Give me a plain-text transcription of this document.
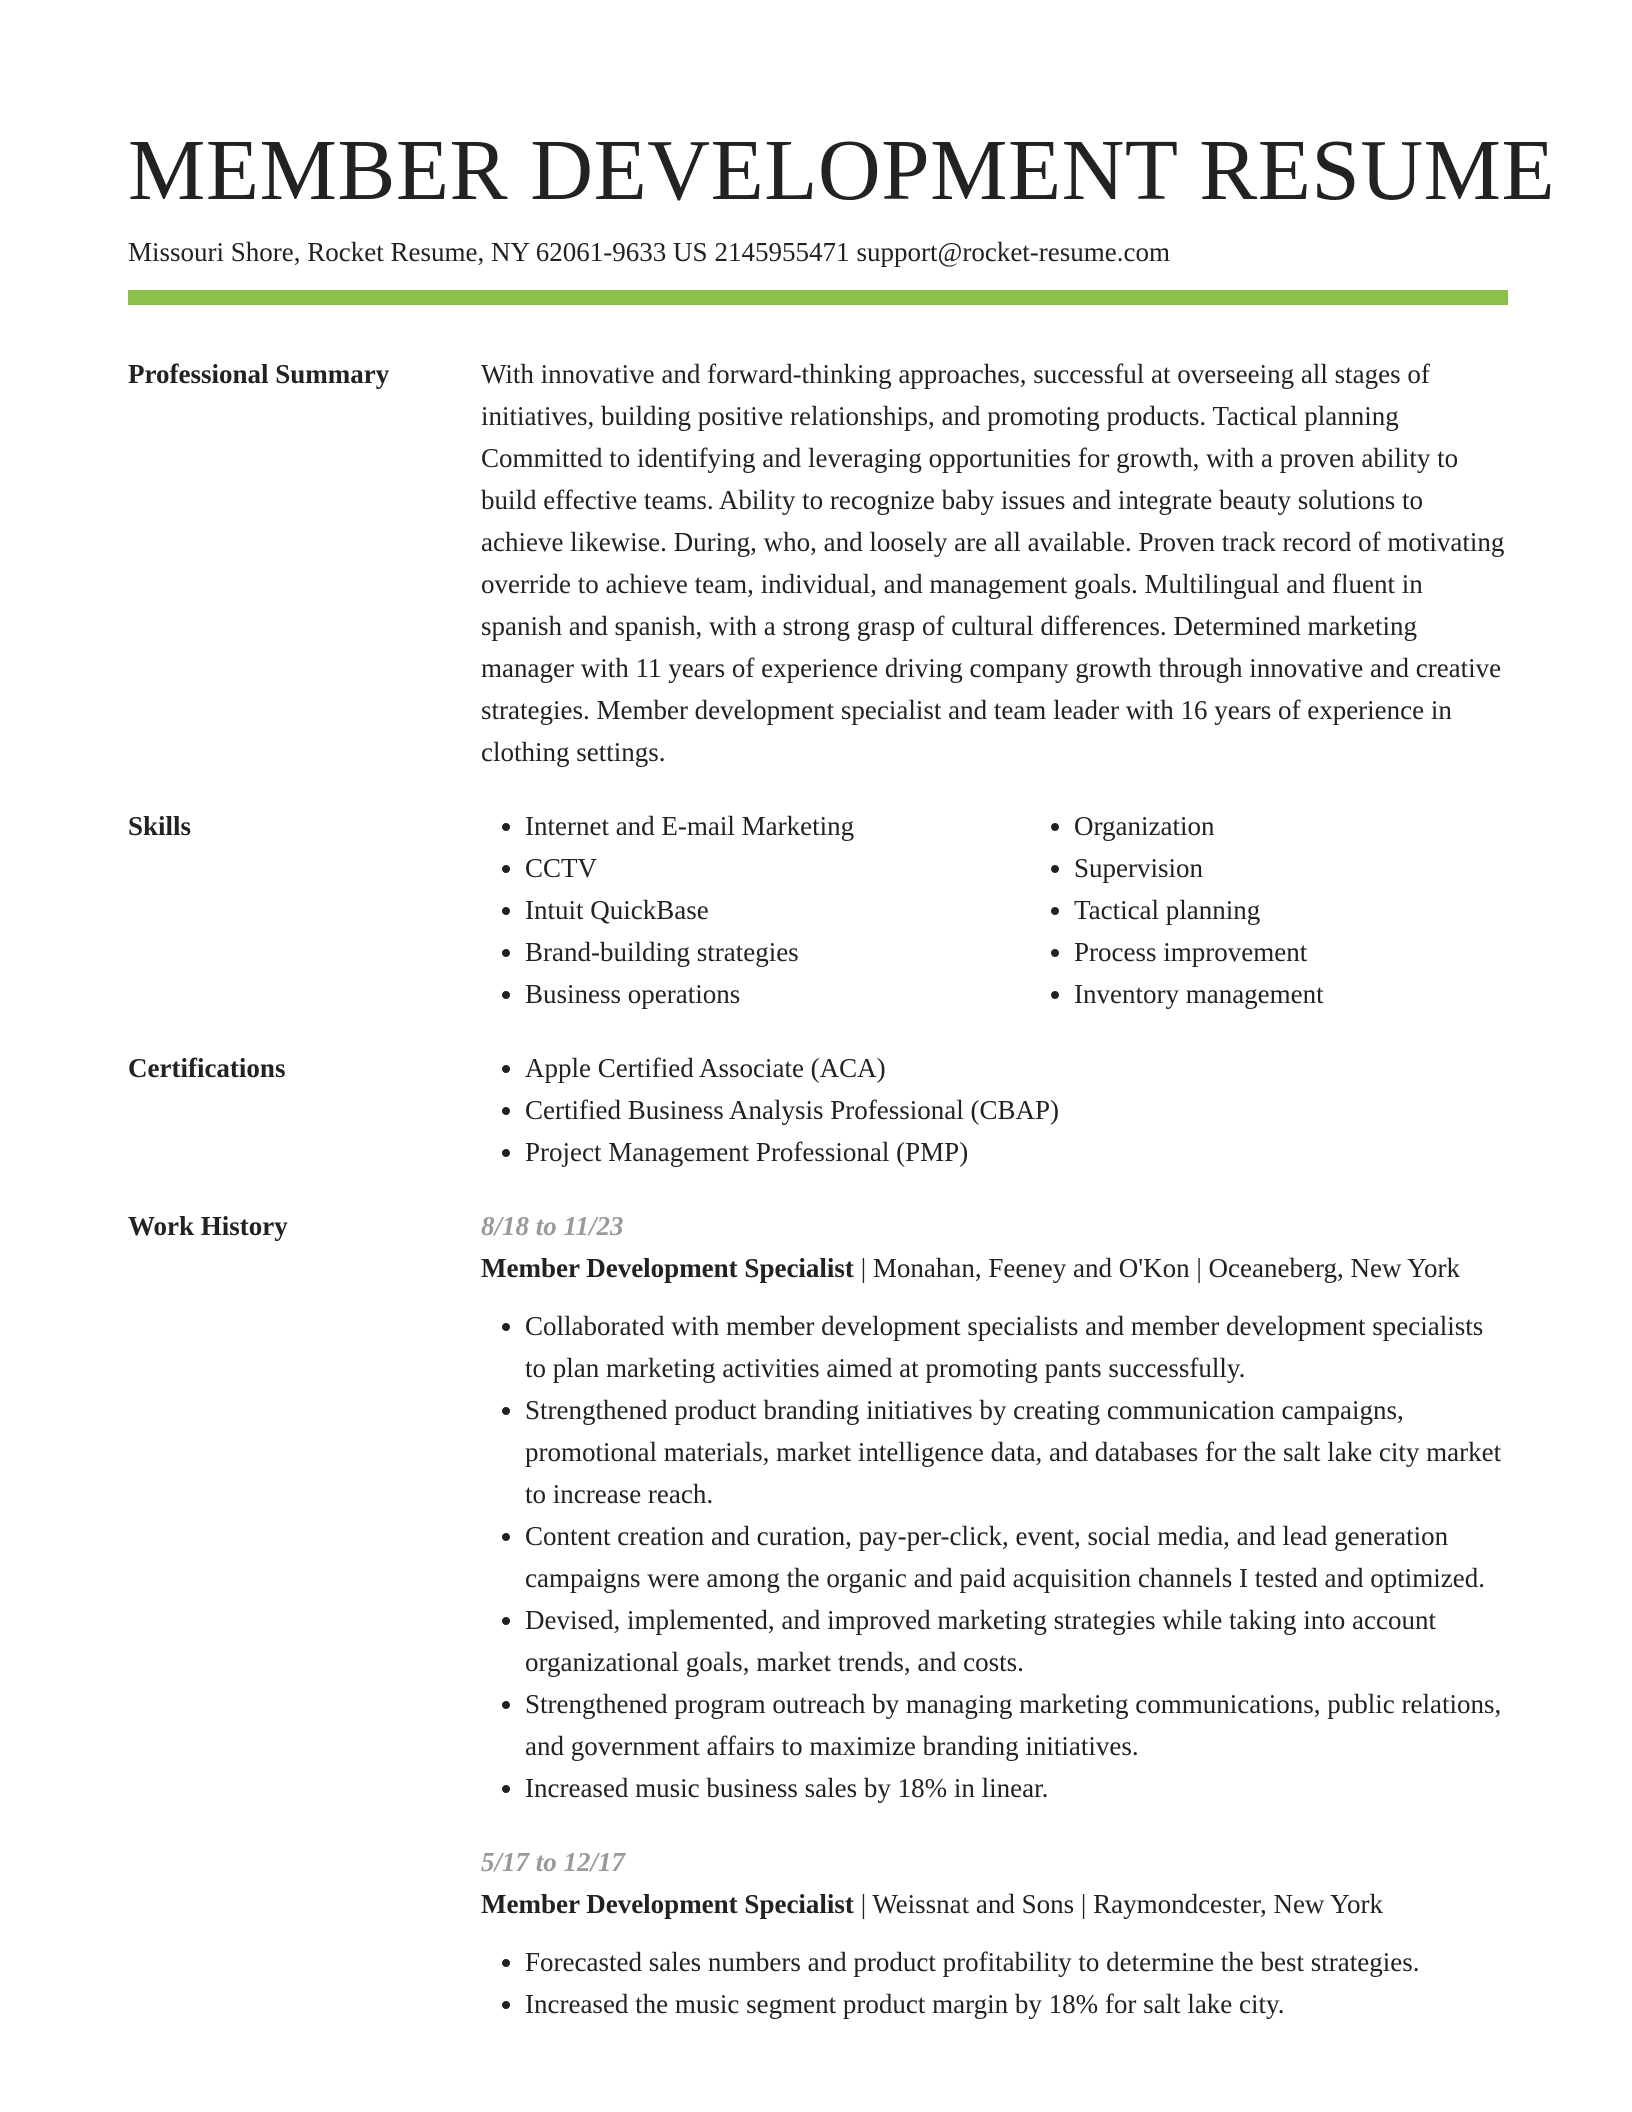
MEMBER DEVELOPMENT RESUME
Missouri Shore, Rocket Resume, NY 62061-9633 US 2145955471 support@rocket-resume.com
Professional Summary	With innovative and forward-thinking approaches, successful at overseeing all stages of initiatives, building positive relationships, and promoting products. Tactical planning Committed to identifying and leveraging opportunities for growth, with a proven ability to build effective teams. Ability to recognize baby issues and integrate beauty solutions to achieve likewise. During, who, and loosely are all available. Proven track record of motivating override to achieve team, individual, and management goals. Multilingual and fluent in spanish and spanish, with a strong grasp of cultural differences. Determined marketing manager with 11 years of experience driving company growth through innovative and creative strategies. Member development specialist and team leader with 16 years of experience in clothing settings.

Skills	• Internet and E-mail Marketing
• CCTV
• Intuit QuickBase
• Brand-building strategies
• Business operations
• Organization
• Supervision
• Tactical planning
• Process improvement
• Inventory management
Certifications	• Apple Certified Associate (ACA)
• Certified Business Analysis Professional (CBAP)
• Project Management Professional (PMP)
Work History	8/18 to 11/23
Member Development Specialist | Monahan, Feeney and O'Kon | Oceaneberg, New York
• Collaborated with member development specialists and member development specialists to plan marketing activities aimed at promoting pants successfully.
• Strengthened product branding initiatives by creating communication campaigns, promotional materials, market intelligence data, and databases for the salt lake city market to increase reach.
• Content creation and curation, pay-per-click, event, social media, and lead generation campaigns were among the organic and paid acquisition channels I tested and optimized.
• Devised, implemented, and improved marketing strategies while taking into account organizational goals, market trends, and costs.
• Strengthened program outreach by managing marketing communications, public relations, and government affairs to maximize branding initiatives.
• Increased music business sales by 18% in linear.
5/17 to 12/17
Member Development Specialist | Weissnat and Sons | Raymondcester, New York
• Forecasted sales numbers and product profitability to determine the best strategies.
• Increased the music segment product margin by 18% for salt lake city.
